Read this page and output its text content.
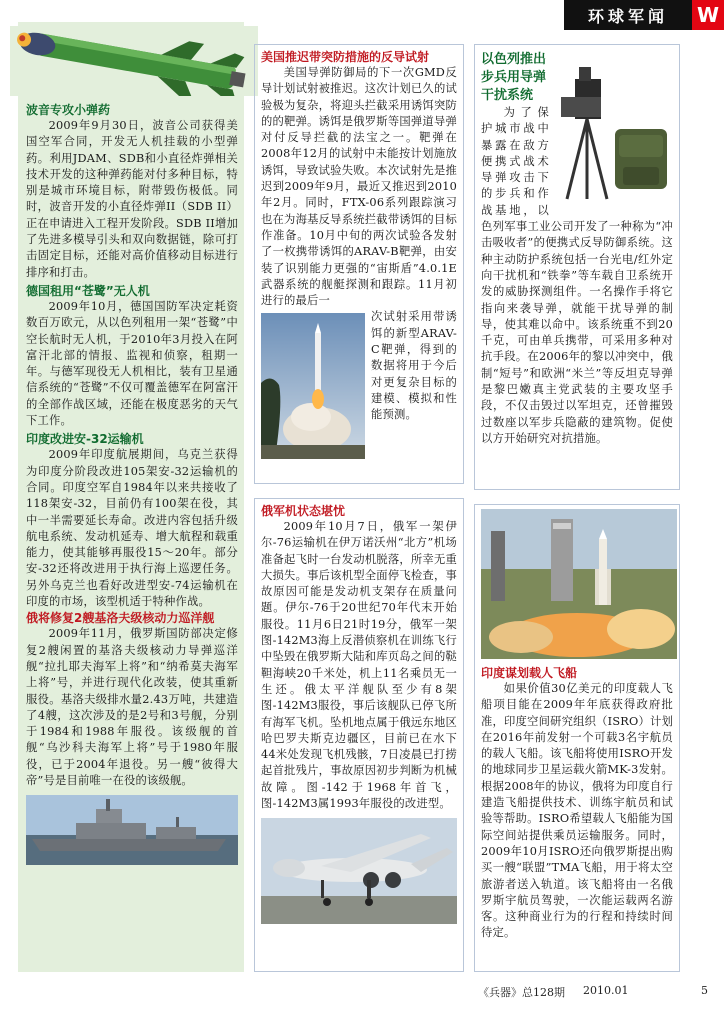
环球军闻	W
波音专攻小弹药

2009年9月30日，波音公司获得美国空军合同，开发无人机挂载的小型弹药。利用JDAM、SDB和小直径炸弹相关技术开发的这种弹药能对付多种目标，特别是城市环境目标，附带毁伤极低。同时，波音开发的小直径炸弹II（SDB II）正在申请进入工程开发阶段。SDB II增加了先进多模导引头和双向数据链，除可打击固定目标，还能对高价值移动目标进行排序和打击。

德国租用“苍鹭”无人机

2009年10月，德国国防军决定耗资数百万欧元，从以色列租用一架“苍鹭”中空长航时无人机，于2010年3月投入在阿富汗北部的情报、监视和侦察，租期一年。与德军现役无人机相比，装有卫星通信系统的“苍鹭”不仅可覆盖德军在阿富汗的全部作战区域，还能在极度恶劣的天气下工作。

印度改进安-32运输机

2009年印度航展期间，乌克兰获得为印度分阶段改进105架安-32运输机的合同。印度空军自1984年以来共接收了118架安-32，目前仍有100架在役，其中一半需要延长寿命。改进内容包括升级航电系统、发动机延寿、增大航程和载重能力，使其能够再服役15～20年。部分安-32还将改进用于执行海上巡逻任务。另外乌克兰也看好改进型安-74运输机在印度的市场，该型机适于特种作战。

俄将修复2艘基洛夫级核动力巡洋舰

2009年11月，俄罗斯国防部决定修复2艘闲置的基洛夫级核动力导弹巡洋舰“拉扎耶夫海军上将”和“纳希莫夫海军上将”号，并进行现代化改装，使其重新服役。基洛夫级排水量2.43万吨，共建造了4艘，这次涉及的是2号和3号舰，分别于1984和1988年服役。该级舰的首舰“乌沙科夫海军上将”号于1980年服役，已于2004年退役。另一艘“彼得大帝”号是目前唯一在役的该级舰。

美国推迟带突防措施的反导试射

美国导弹防御局的下一次GMD反导计划试射被推迟。这次计划已久的试验极为复杂，将迎头拦截采用诱饵突防的的靶弹。诱饵是俄罗斯等国弹道导弹对付反导拦截的法宝之一。靶弹在2008年12月的试射中未能按计划施放诱饵，导致试验失败。本次试射先是推迟到2009年9月，最近又推迟到2010年2月。同时，FTX-06系列跟踪演习也在为海基反导系统拦截带诱饵的目标作准备。10月中旬的两次试验各发射了一枚携带诱饵的ARAV-B靶弹，由安装了识别能力更强的“宙斯盾”4.0.1E武器系统的舰艇探测和跟踪。11月初进行的最后一

次试射采用带诱饵的新型ARAV-C靶弹，得到的数据将用于今后对更复杂目标的建模、模拟和性能预测。

俄军机状态堪忧

2009年10月7日，俄军一架伊尔-76运输机在伊万诺沃州“北方”机场准备起飞时一台发动机脱落，所幸无重大损失。事后该机型全面停飞检查，事故原因可能是发动机支架存在质量问题。伊尔-76于20世纪70年代末开始服役。11月6日21时19分，俄军一架图-142M3海上反潜侦察机在训练飞行中坠毁在俄罗斯大陆和库页岛之间的鞑靼海峡20千米处，机上11名乘员无一生还。俄太平洋舰队至少有8架图-142M3服役，事后该舰队已停飞所有海军飞机。坠机地点属于俄远东地区哈巴罗夫斯克边疆区，目前已在水下44米处发现飞机残骸，7日凌晨已打捞起首批残片，事故原因初步判断为机械故障。图-142于1968年首飞，图-142M3属1993年服役的改进型。

以色列推出步兵用导弹干扰系统

为了保护城市战中暴露在敌方便携式战术导弹攻击下的步兵和作战基地，以色列军事工业公司开发了一种称为“冲击吸收者”的便携式反导防御系统。这种主动防护系统包括一台光电/红外定向干扰机和“铁拳”等车载自卫系统开发的威胁探测组件。一名操作手将它指向来袭导弹，就能干扰导弹的制导，使其难以命中。该系统重不到20千克，可由单兵携带，可采用多种对抗手段。在2006年的黎以冲突中，俄制“短号”和欧洲“米兰”等反坦克导弹是黎巴嫩真主党武装的主要攻坚手段，不仅击毁过以军坦克，还曾摧毁过数座以军步兵隐蔽的建筑物。促使以方开始研究对抗措施。

印度谋划载人飞船

如果价值30亿美元的印度载人飞船项目能在2009年年底获得政府批准，印度空间研究组织（ISRO）计划在2016年前发射一个可载3名宇航员的载人飞船。该飞船将使用ISRO开发的地球同步卫星运载火箭MK-3发射。根据2008年的协议，俄将为印度自行建造飞船提供技术、训练宇航员和试验等帮助。ISRO希望载人飞船能为国际空间站提供乘员运输服务。同时，2009年10月ISRO还向俄罗斯提出购买一艘“联盟”TMA飞船，用于将太空旅游者送入轨道。该飞船将由一名俄罗斯宇航员驾驶，一次能运载两名游客。这种商业行为的行程和持续时间待定。

《兵器》总128期 2010.01	5
